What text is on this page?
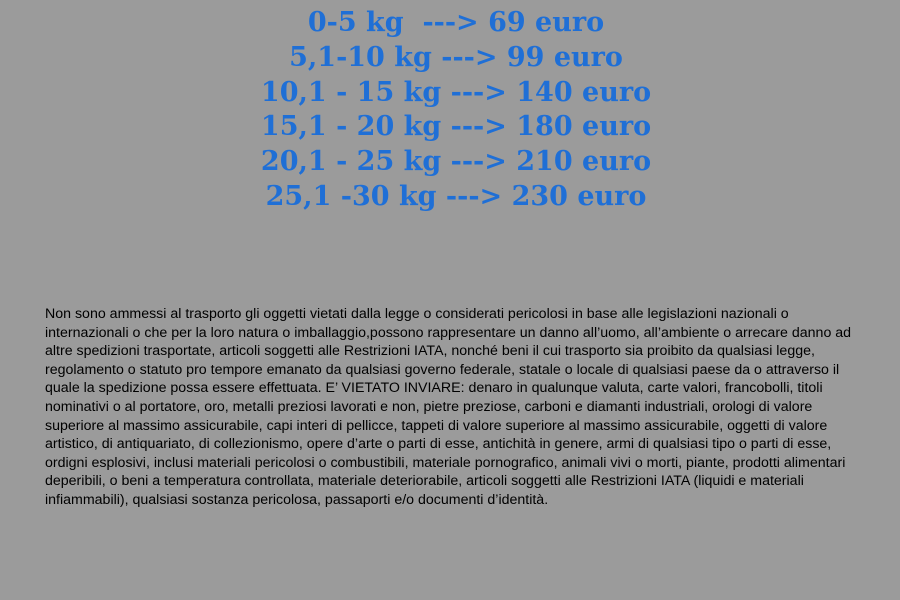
0-5 kg  ---> 69 euro
5,1-10 kg ---> 99 euro
10,1 - 15 kg ---> 140 euro
15,1 - 20 kg ---> 180 euro
20,1 - 25 kg ---> 210 euro
25,1 -30 kg ---> 230 euro

Non sono ammessi al trasporto gli oggetti vietati dalla legge o considerati pericolosi in base alle legislazioni nazionali o internazionali o che per la loro natura o imballaggio,possono rappresentare un danno all’uomo, all’ambiente o arrecare danno ad altre spedizioni trasportate, articoli soggetti alle Restrizioni IATA, nonché beni il cui trasporto sia proibito da qualsiasi legge, regolamento o statuto pro tempore emanato da qualsiasi governo federale, statale o locale di qualsiasi paese da o attraverso il quale la spedizione possa essere effettuata. E’ VIETATO INVIARE: denaro in qualunque valuta, carte valori, francobolli, titoli nominativi o al portatore, oro, metalli preziosi lavorati e non, pietre preziose, carboni e diamanti industriali, orologi di valore superiore al massimo assicurabile, capi interi di pellicce, tappeti di valore superiore al massimo assicurabile, oggetti di valore artistico, di antiquariato, di collezionismo, opere d’arte o parti di esse, antichità in genere, armi di qualsiasi tipo o parti di esse, ordigni esplosivi, inclusi materiali pericolosi o combustibili, materiale pornografico, animali vivi o morti, piante, prodotti alimentari deperibili, o beni a temperatura controllata, materiale deteriorabile, articoli soggetti alle Restrizioni IATA (liquidi e materiali infiammabili), qualsiasi sostanza pericolosa, passaporti e/o documenti d’identità.
